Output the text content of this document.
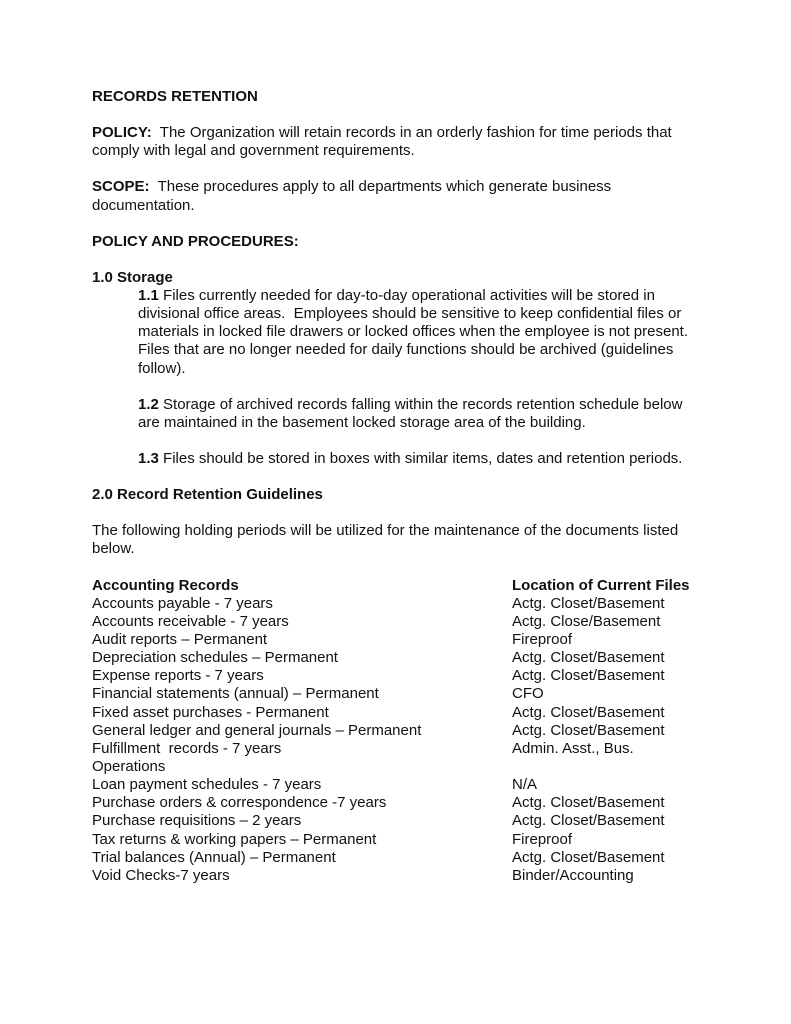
RECORDS RETENTION

POLICY:  The Organization will retain records in an orderly fashion for time periods that comply with legal and government requirements.

SCOPE:  These procedures apply to all departments which generate business documentation.

POLICY AND PROCEDURES:

1.0 Storage

1.1 Files currently needed for day-to-day operational activities will be stored in divisional office areas.  Employees should be sensitive to keep confidential files or materials in locked file drawers or locked offices when the employee is not present.  Files that are no longer needed for daily functions should be archived (guidelines follow).

1.2 Storage of archived records falling within the records retention schedule below are maintained in the basement locked storage area of the building.

1.3 Files should be stored in boxes with similar items, dates and retention periods.

2.0 Record Retention Guidelines

The following holding periods will be utilized for the maintenance of the documents listed below.

Accounting Records	Location of Current Files
Accounts payable - 7 years	Actg. Closet/Basement
Accounts receivable - 7 years	Actg. Close/Basement
Audit reports – Permanent	Fireproof
Depreciation schedules – Permanent	Actg. Closet/Basement
Expense reports - 7 years	Actg. Closet/Basement
Financial statements (annual) – Permanent	CFO
Fixed asset purchases - Permanent	Actg. Closet/Basement
General ledger and general journals – Permanent	Actg. Closet/Basement
Fulfillment  records - 7 years	Admin. Asst., Bus.
Operations
Loan payment schedules - 7 years	N/A
Purchase orders & correspondence -7 years	Actg. Closet/Basement
Purchase requisitions – 2 years	Actg. Closet/Basement
Tax returns & working papers – Permanent	Fireproof
Trial balances (Annual) – Permanent	Actg. Closet/Basement
Void Checks-7 years	Binder/Accounting
